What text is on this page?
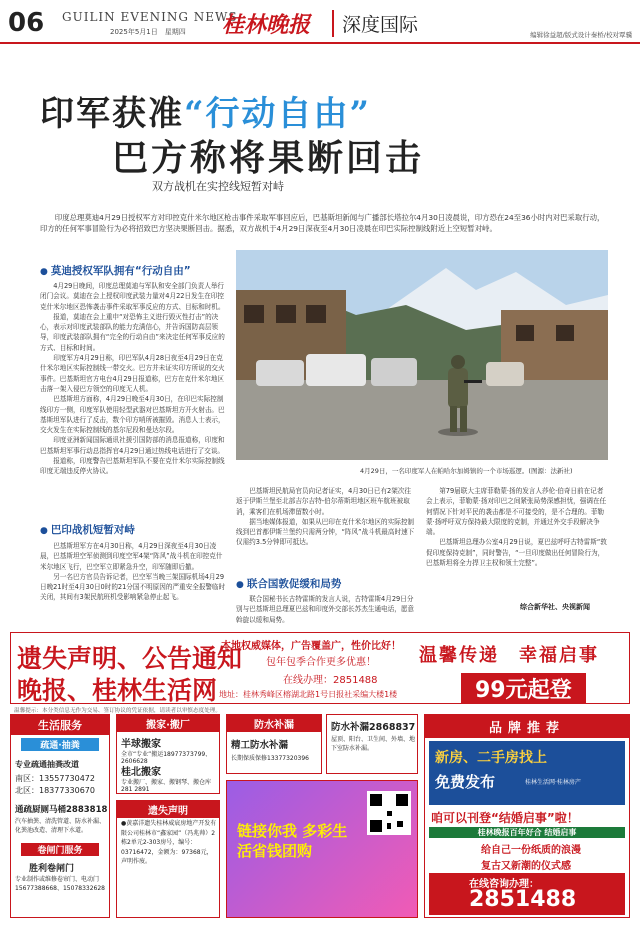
06 GUILIN EVENING NEWS
2025年5月1日　星期四 桂林晚报	深度国际	编辑徐益超/版式设计秦桥/校对覃骥
印军获准“行动自由”
巴方称将果断回击
双方战机在实控线短暂对峙
印度总理莫迪4月29日授权军方对印控克什米尔地区枪击事件采取军事回应后，巴基斯坦新闻与广播部长塔拉尔4月30日凌晨说，印方恐在24至36小时内对巴采取行动，印方的任何军事冒险行为必将招致巴方坚决果断回击。据悉，双方战机于4月29日深夜至4月30日凌晨在印巴实际控制线附近上空短暂对峙。
● 莫迪授权军队拥有“行动自由”

4月29日晚间，印度总理莫迪与军队和安全部门负责人举行闭门会议。莫迪在会上授权印度武装力量对4月22日发生在印控克什米尔地区恐怖袭击事件采取军事反应的方式、目标和时机。

报道，莫迪在会上重申“对恐怖主义进行毁灭性打击”的决心，表示对印度武装部队的能力充满信心，并告诉国防高层领导，印度武装部队拥有“完全的行动自由”来决定任何军事反应的方式、目标和时间。

印度军方4月29日称，印巴军队4月28日夜至4月29日在克什米尔地区实际控制线一带交火。巴方并未证实印方所说的交火事件。巴基斯坦官方电台4月29日报道称，巴方在克什米尔地区击落一架入侵巴方领空的印度无人机。

巴基斯坦方面称，4月29日晚至4月30日，在印巴实际控制线印方一侧，印度军队使用轻型武器对巴基斯坦方开火射击。巴基斯坦军队进行了反击，数个印方哨所被摧毁。消息人士表示，交火发生在实际控制线的基尔尼段和曼达尔段。

印度亚洲新闻国际通讯社援引国防部的消息报道称，印度和巴基斯坦军事行动总指挥官4月29日通过热线电话进行了交谈。

报道称，印度警告巴基斯坦军队不要在克什米尔实际控制线印度无端违反停火协议。

● 巴印战机短暂对峙

巴基斯坦军方在4月30日称，4月29日深夜至4月30日凌晨，巴基斯坦空军侦测到印度空军4架“阵风”战斗机在印控克什米尔地区飞行，巴空军立即紧急升空，印军随即后撤。

另一名巴方官员告诉记者，巴空军当晚三架国际机场4月29日晚21时至4月30日0时的21分国不明原因的严重安全报警临时关闭，其间有3架民航班机受影响紧急停止起飞。

4月29日，一名印度军人在帕哈尔加姆镇的一个市场巡逻。(图源：法新社)

巴基斯坦民航局官员向记者证实，4月30日已有2架次往返于伊斯兰堡至北部吉尔吉特-伯尔蒂斯坦地区班车航班被取消，乘客们在机场滞留数小时。

据当地媒体报道，如果从巴印在克什米尔地区的实际控制线到巴首都伊斯兰堡约只需两分钟，“阵风”战斗机最高时速下仅需约3.5分钟即可抵达。

● 联合国敦促缓和局势

联合国秘书长古特雷斯的发言人说，古特雷斯4月29日分别与巴基斯坦总理夏巴兹和印度外交部长苏杰生通电话，愿意斡旋以缓和局势。

第79届联大主席菲勒蒙·扬的发言人莎伦·伯奇日前在记者会上表示，菲勒蒙·扬对印巴之间紧张局势深感担忧，强调在任何情况下针对平民的袭击都是不可接受的，是不合理的。菲勒蒙·扬呼吁双方保持最大限度的克制，并通过外交手段解决争端。

巴基斯坦总理办公室4月29日说，夏巴兹呼吁古特雷斯“敦促印度保持克制”，同时警告，“一旦印度做出任何冒险行为，巴基斯坦将全力捍卫主权和领土完整”。

综合新华社、央视新闻
遗失声明、公告通知
晚报、桂林生活网
本地权威媒体，广告覆盖广，性价比好！
包年包季合作更多优惠！
在线办理：2851488
地址：桂林秀峰区榕湖北路1号日报社采编大楼1楼
温馨传递　幸福启事
99元起登
温馨提示：本分类信息无作为交易、签订协议的凭证依据，请读者以审慎态度处理。
生活服务
疏通·抽粪
专业疏通抽粪改道
南区：13557730472
北区：18377330670
通疏厨厕马桶2883818
汽车抽粪、清洗管道、防水补漏、化粪池改造、清理下水道。
卷闸门服务
胜利卷闸门
专业制作或维修卷帘门、电动门15677388668、15078332628
搬家·搬厂
半球搬家
全市“专业”搬运18977373799、2606628
桂北搬家
专业搬厂、搬家、搬钢琴、搬仓库281 2891
遗失声明
●黄嘉洋遗失桂林威宸房地产开发有限公司桂林市“鑫家园”（冯兆帅）2栋2单元2-303房号，编号：03716472，金额为：97368元，声明作废。
防水补漏
精工防水补漏
长期保质保修13377320396
防水补漏2868837
屋顶、阳台、卫生间、外墙、地下室防水补漏。
链接你我 多彩生活省钱团购
品牌推荐
新房、二手房找上
免费发布	桂林生活网·桂林房产
咱可以刊登“结婚启事”啦！
桂林晚报百年好合 结婚启事
给自己一份纸质的浪漫
复古又新潮的仪式感
在线咨询办理：
2851488
